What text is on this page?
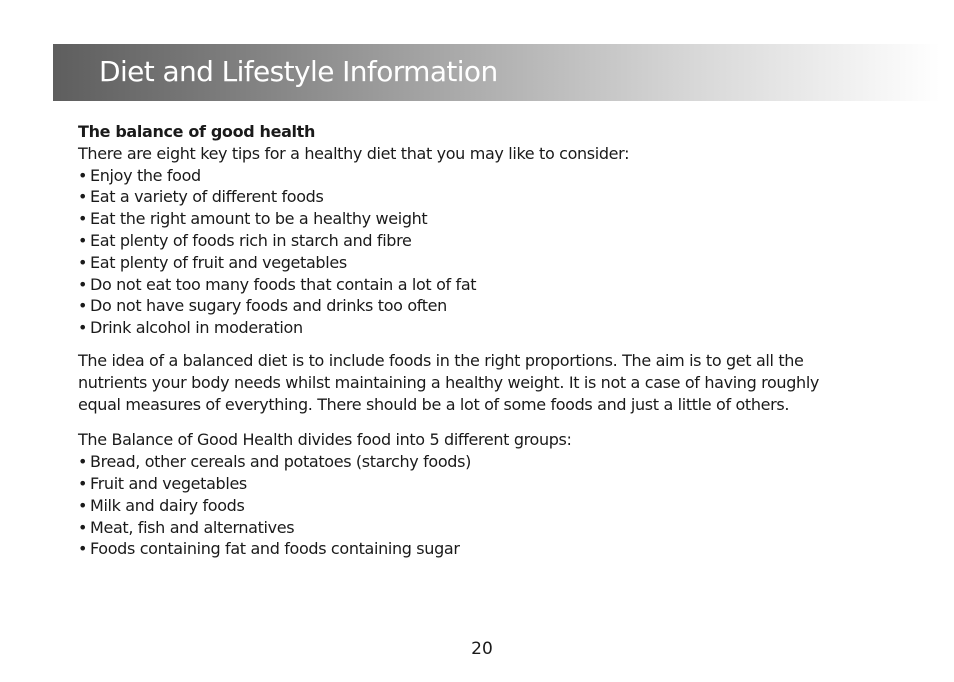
Diet and Lifestyle Information
The balance of good health

There are eight key tips for a healthy diet that you may like to consider:

• Enjoy the food
• Eat a variety of different foods
• Eat the right amount to be a healthy weight
• Eat plenty of foods rich in starch and fibre
• Eat plenty of fruit and vegetables
• Do not eat too many foods that contain a lot of fat
• Do not have sugary foods and drinks too often
• Drink alcohol in moderation

The idea of a balanced diet is to include foods in the right proportions. The aim is to get all the
nutrients your body needs whilst maintaining a healthy weight. It is not a case of having roughly
equal measures of everything. There should be a lot of some foods and just a little of others.

The Balance of Good Health divides food into 5 different groups:

• Bread, other cereals and potatoes (starchy foods)
• Fruit and vegetables
• Milk and dairy foods
• Meat, fish and alternatives
• Foods containing fat and foods containing sugar
20
